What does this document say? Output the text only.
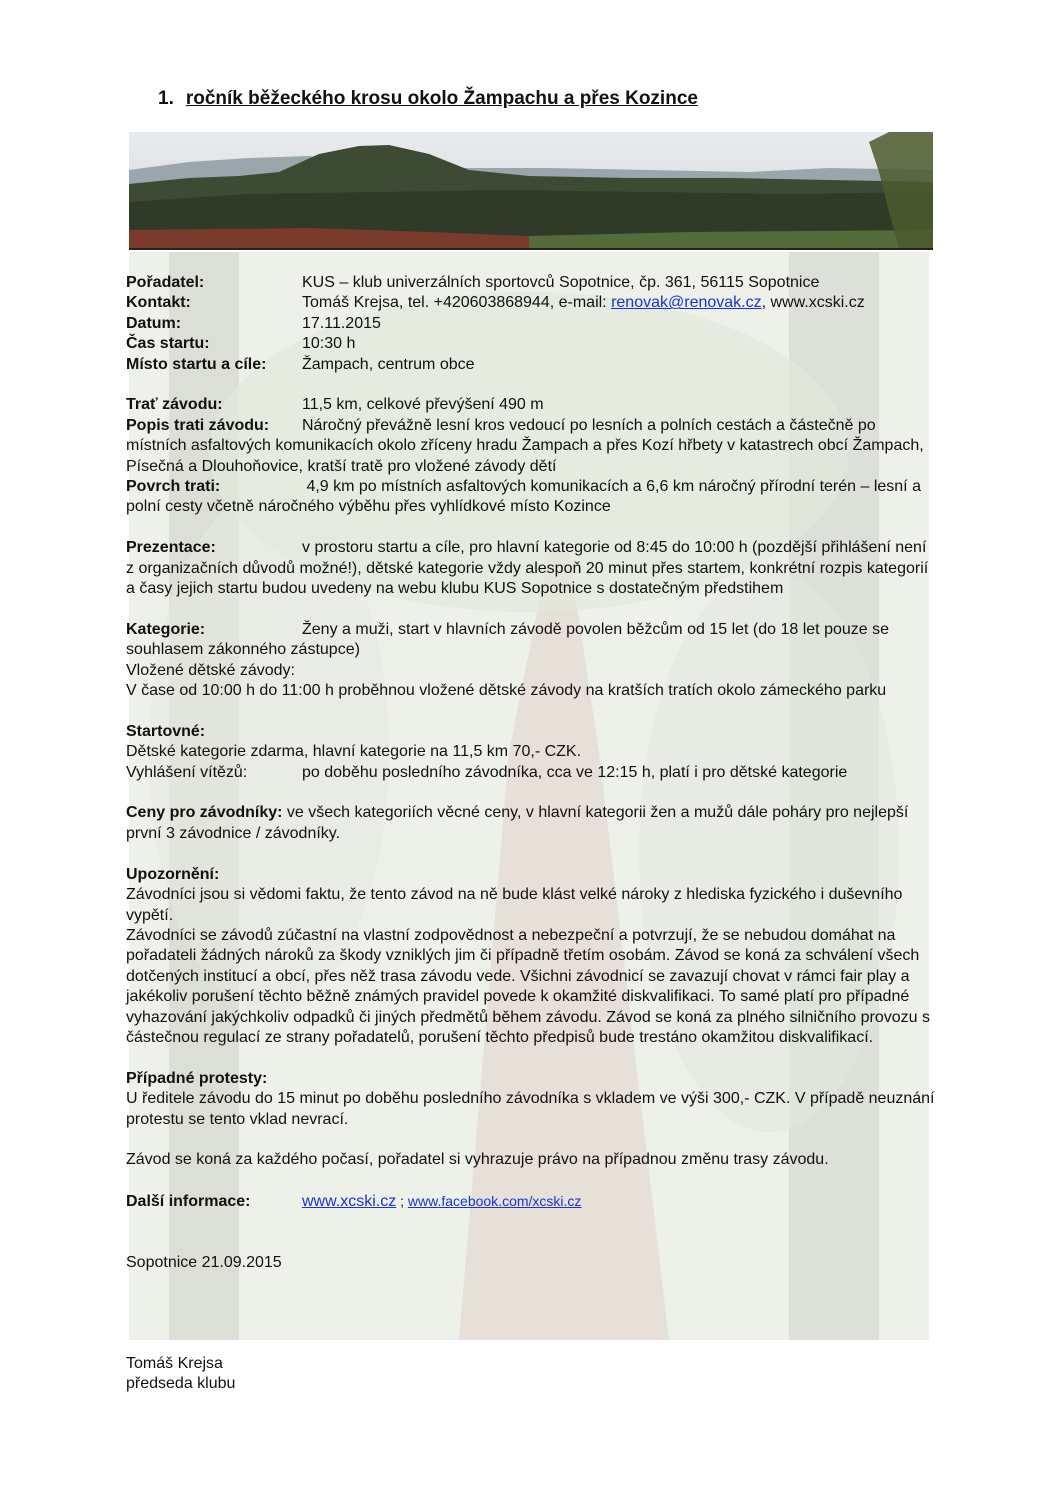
1. ročník běžeckého krosu okolo Žampachu a přes Kozince
Pořadatel:	KUS – klub univerzálních sportovců Sopotnice, čp. 361, 56115 Sopotnice
Kontakt:	Tomáš Krejsa, tel. +420603868944, e-mail: renovak@renovak.cz, www.xcski.cz
Datum:	17.11.2015
Čas startu:	10:30 h
Místo startu a cíle:	Žampach, centrum obce
Trať závodu:	11,5 km, celkové převýšení 490 m
Popis trati závodu: Náročný převážně lesní kros vedoucí po lesních a polních cestách a částečně po místních asfaltových komunikacích okolo zříceny hradu Žampach a přes Kozí hřbety v katastrech obcí Žampach, Písečná a Dlouhoňovice, kratší tratě pro vložené závody dětí
Povrch trati:	4,9 km po místních asfaltových komunikacích a 6,6 km náročný přírodní terén – lesní a polní cesty včetně náročného výběhu přes vyhlídkové místo Kozince
Prezentace:	v prostoru startu a cíle, pro hlavní kategorie od 8:45 do 10:00 h (pozdější přihlášení není z organizačních důvodů možné!), dětské kategorie vždy alespoň 20 minut přes startem, konkrétní rozpis kategorií a časy jejich startu budou uvedeny na webu klubu KUS Sopotnice s dostatečným předstihem
Kategorie:	Ženy a muži, start v hlavních závodě povolen běžcům od 15 let (do 18 let pouze se souhlasem zákonného zástupce)
Vložené dětské závody:
V čase od 10:00 h do 11:00 h proběhnou vložené dětské závody na kratších tratích okolo zámeckého parku
Startovné:
Dětské kategorie zdarma, hlavní kategorie na 11,5 km 70,- CZK.
Vyhlášení vítězů:	po doběhu posledního závodníka, cca ve 12:15 h, platí i pro dětské kategorie
Ceny pro závodníky: ve všech kategoriích věcné ceny, v hlavní kategorii žen a mužů dále poháry pro nejlepší první 3 závodnice / závodníky.
Upozornění:
Závodníci jsou si vědomi faktu, že tento závod na ně bude klást velké nároky z hlediska fyzického i duševního vypětí.
Závodníci se závodů zúčastní na vlastní zodpovědnost a nebezpeční a potvrzují, že se nebudou domáhat na pořadateli žádných nároků za škody vzniklých jim či případně třetím osobám. Závod se koná za schválení všech dotčených institucí a obcí, přes něž trasa závodu vede. Všichni závodnicí se zavazují chovat v rámci fair play a jakékoliv porušení těchto běžně známých pravidel povede k okamžité diskvalifikaci. To samé platí pro případné vyhazování jakýchkoliv odpadků či jiných předmětů během závodu. Závod se koná za plného silničního provozu s částečnou regulací ze strany pořadatelů, porušení těchto předpisů bude trestáno okamžitou diskvalifikací.
Případné protesty:
U ředitele závodu do 15 minut po doběhu posledního závodníka s vkladem ve výši 300,- CZK. V případě neuznání protestu se tento vklad nevrací.
Závod se koná za každého počasí, pořadatel si vyhrazuje právo na případnou změnu trasy závodu.
Další informace:	www.xcski.cz ; www.facebook.com/xcski.cz
Sopotnice 21.09.2015
Tomáš Krejsa
předseda klubu
